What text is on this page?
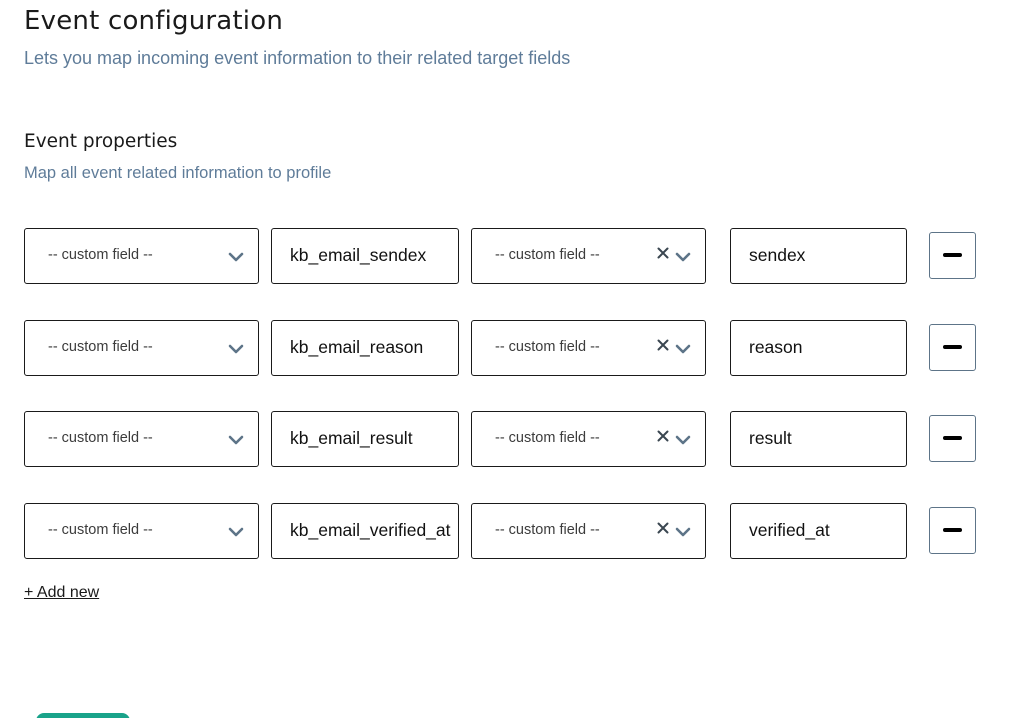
Event configuration

Lets you map incoming event information to their related target fields

Event properties

Map all event related information to profile

-- custom field --	kb_email_sendex	-- custom field --	sendex
-- custom field --	kb_email_reason	-- custom field --	reason
-- custom field --	kb_email_result	-- custom field --	result
-- custom field --	kb_email_verified_at	-- custom field --	verified_at
+ Add new
